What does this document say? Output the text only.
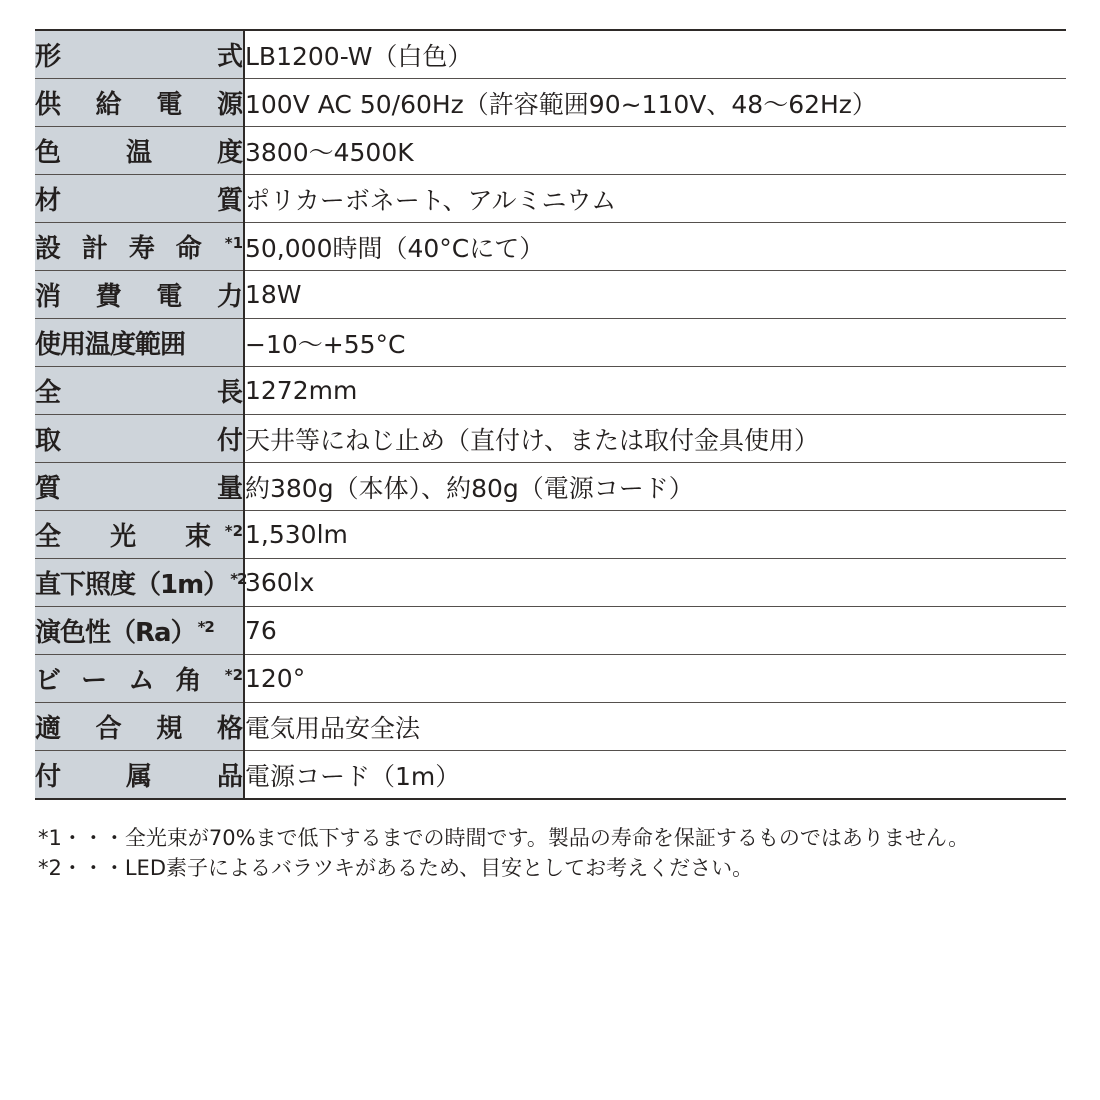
形　　　式	LB1200-W（白色）

供給電源	100V AC 50/60Hz（許容範囲90~110V、48～62Hz）

色　温　度	3800～4500K

材　　　質	ポリカーボネート、アルミニウム

設計寿命 $^{*1}$	50,000時間（40°Cにて）

消費電力	18W

使用温度範囲	−10～+55°C

全　　　長	1272mm

取　　　付	天井等にねじ止め（直付け、または取付金具使用）

質　　　量	約380g（本体）、約80g（電源コード）

全　光　束 $^{*2}$	1,530lm

直下照度（1m） $^{*2}$	360lx

演色性（Ra） $^{*2}$	76

ビーム角 $^{*2}$	120°

適合規格	電気用品安全法

付　属　品	電源コード（1m）
*1・・・全光束が70%まで低下するまでの時間です。製品の寿命を保証するものではありません。
*2・・・LED素子によるバラツキがあるため、目安としてお考えください。
